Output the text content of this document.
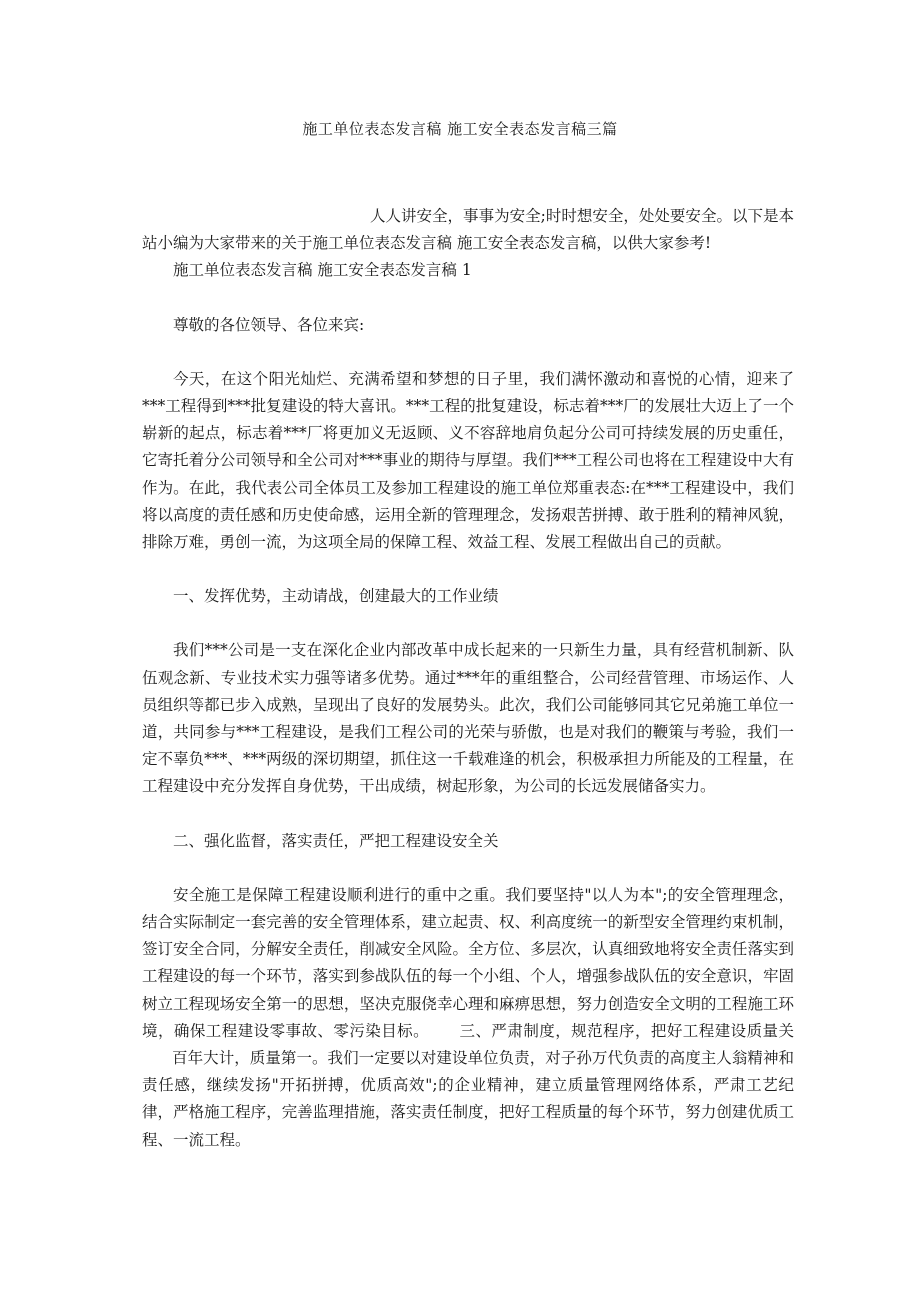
施工单位表态发言稿 施工安全表态发言稿三篇

人人讲安全，事事为安全;时时想安全，处处要安全。以下是本站小编为大家带来的关于施工单位表态发言稿 施工安全表态发言稿，以供大家参考!

施工单位表态发言稿 施工安全表态发言稿 1

尊敬的各位领导、各位来宾:

今天，在这个阳光灿烂、充满希望和梦想的日子里，我们满怀激动和喜悦的心情，迎来了***工程得到***批复建设的特大喜讯。***工程的批复建设，标志着***厂的发展壮大迈上了一个崭新的起点，标志着***厂将更加义无返顾、义不容辞地肩负起分公司可持续发展的历史重任，它寄托着分公司领导和全公司对***事业的期待与厚望。我们***工程公司也将在工程建设中大有作为。在此，我代表公司全体员工及参加工程建设的施工单位郑重表态:在***工程建设中，我们将以高度的责任感和历史使命感，运用全新的管理理念，发扬艰苦拼搏、敢于胜利的精神风貌，排除万难，勇创一流，为这项全局的保障工程、效益工程、发展工程做出自己的贡献。

一、发挥优势，主动请战，创建最大的工作业绩

我们***公司是一支在深化企业内部改革中成长起来的一只新生力量，具有经营机制新、队伍观念新、专业技术实力强等诸多优势。通过***年的重组整合，公司经营管理、市场运作、人员组织等都已步入成熟，呈现出了良好的发展势头。此次，我们公司能够同其它兄弟施工单位一道，共同参与***工程建设，是我们工程公司的光荣与骄傲，也是对我们的鞭策与考验，我们一定不辜负***、***两级的深切期望，抓住这一千载难逢的机会，积极承担力所能及的工程量，在工程建设中充分发挥自身优势，干出成绩，树起形象，为公司的长远发展储备实力。

二、强化监督，落实责任，严把工程建设安全关

安全施工是保障工程建设顺利进行的重中之重。我们要坚持"以人为本";的安全管理理念，结合实际制定一套完善的安全管理体系，建立起责、权、利高度统一的新型安全管理约束机制，签订安全合同，分解安全责任，削减安全风险。全方位、多层次，认真细致地将安全责任落实到工程建设的每一个环节，落实到参战队伍的每一个小组、个人，增强参战队伍的安全意识，牢固树立工程现场安全第一的思想，坚决克服侥幸心理和麻痹思想，努力创造安全文明的工程施工环境，确保工程建设零事故、零污染目标。 三、严肃制度，规范程序，把好工程建设质量关百年大计，质量第一。我们一定要以对建设单位负责，对子孙万代负责的高度主人翁精神和责任感，继续发扬"开拓拼搏，优质高效";的企业精神，建立质量管理网络体系，严肃工艺纪律，严格施工程序，完善监理措施，落实责任制度，把好工程质量的每个环节，努力创建优质工程、一流工程。
